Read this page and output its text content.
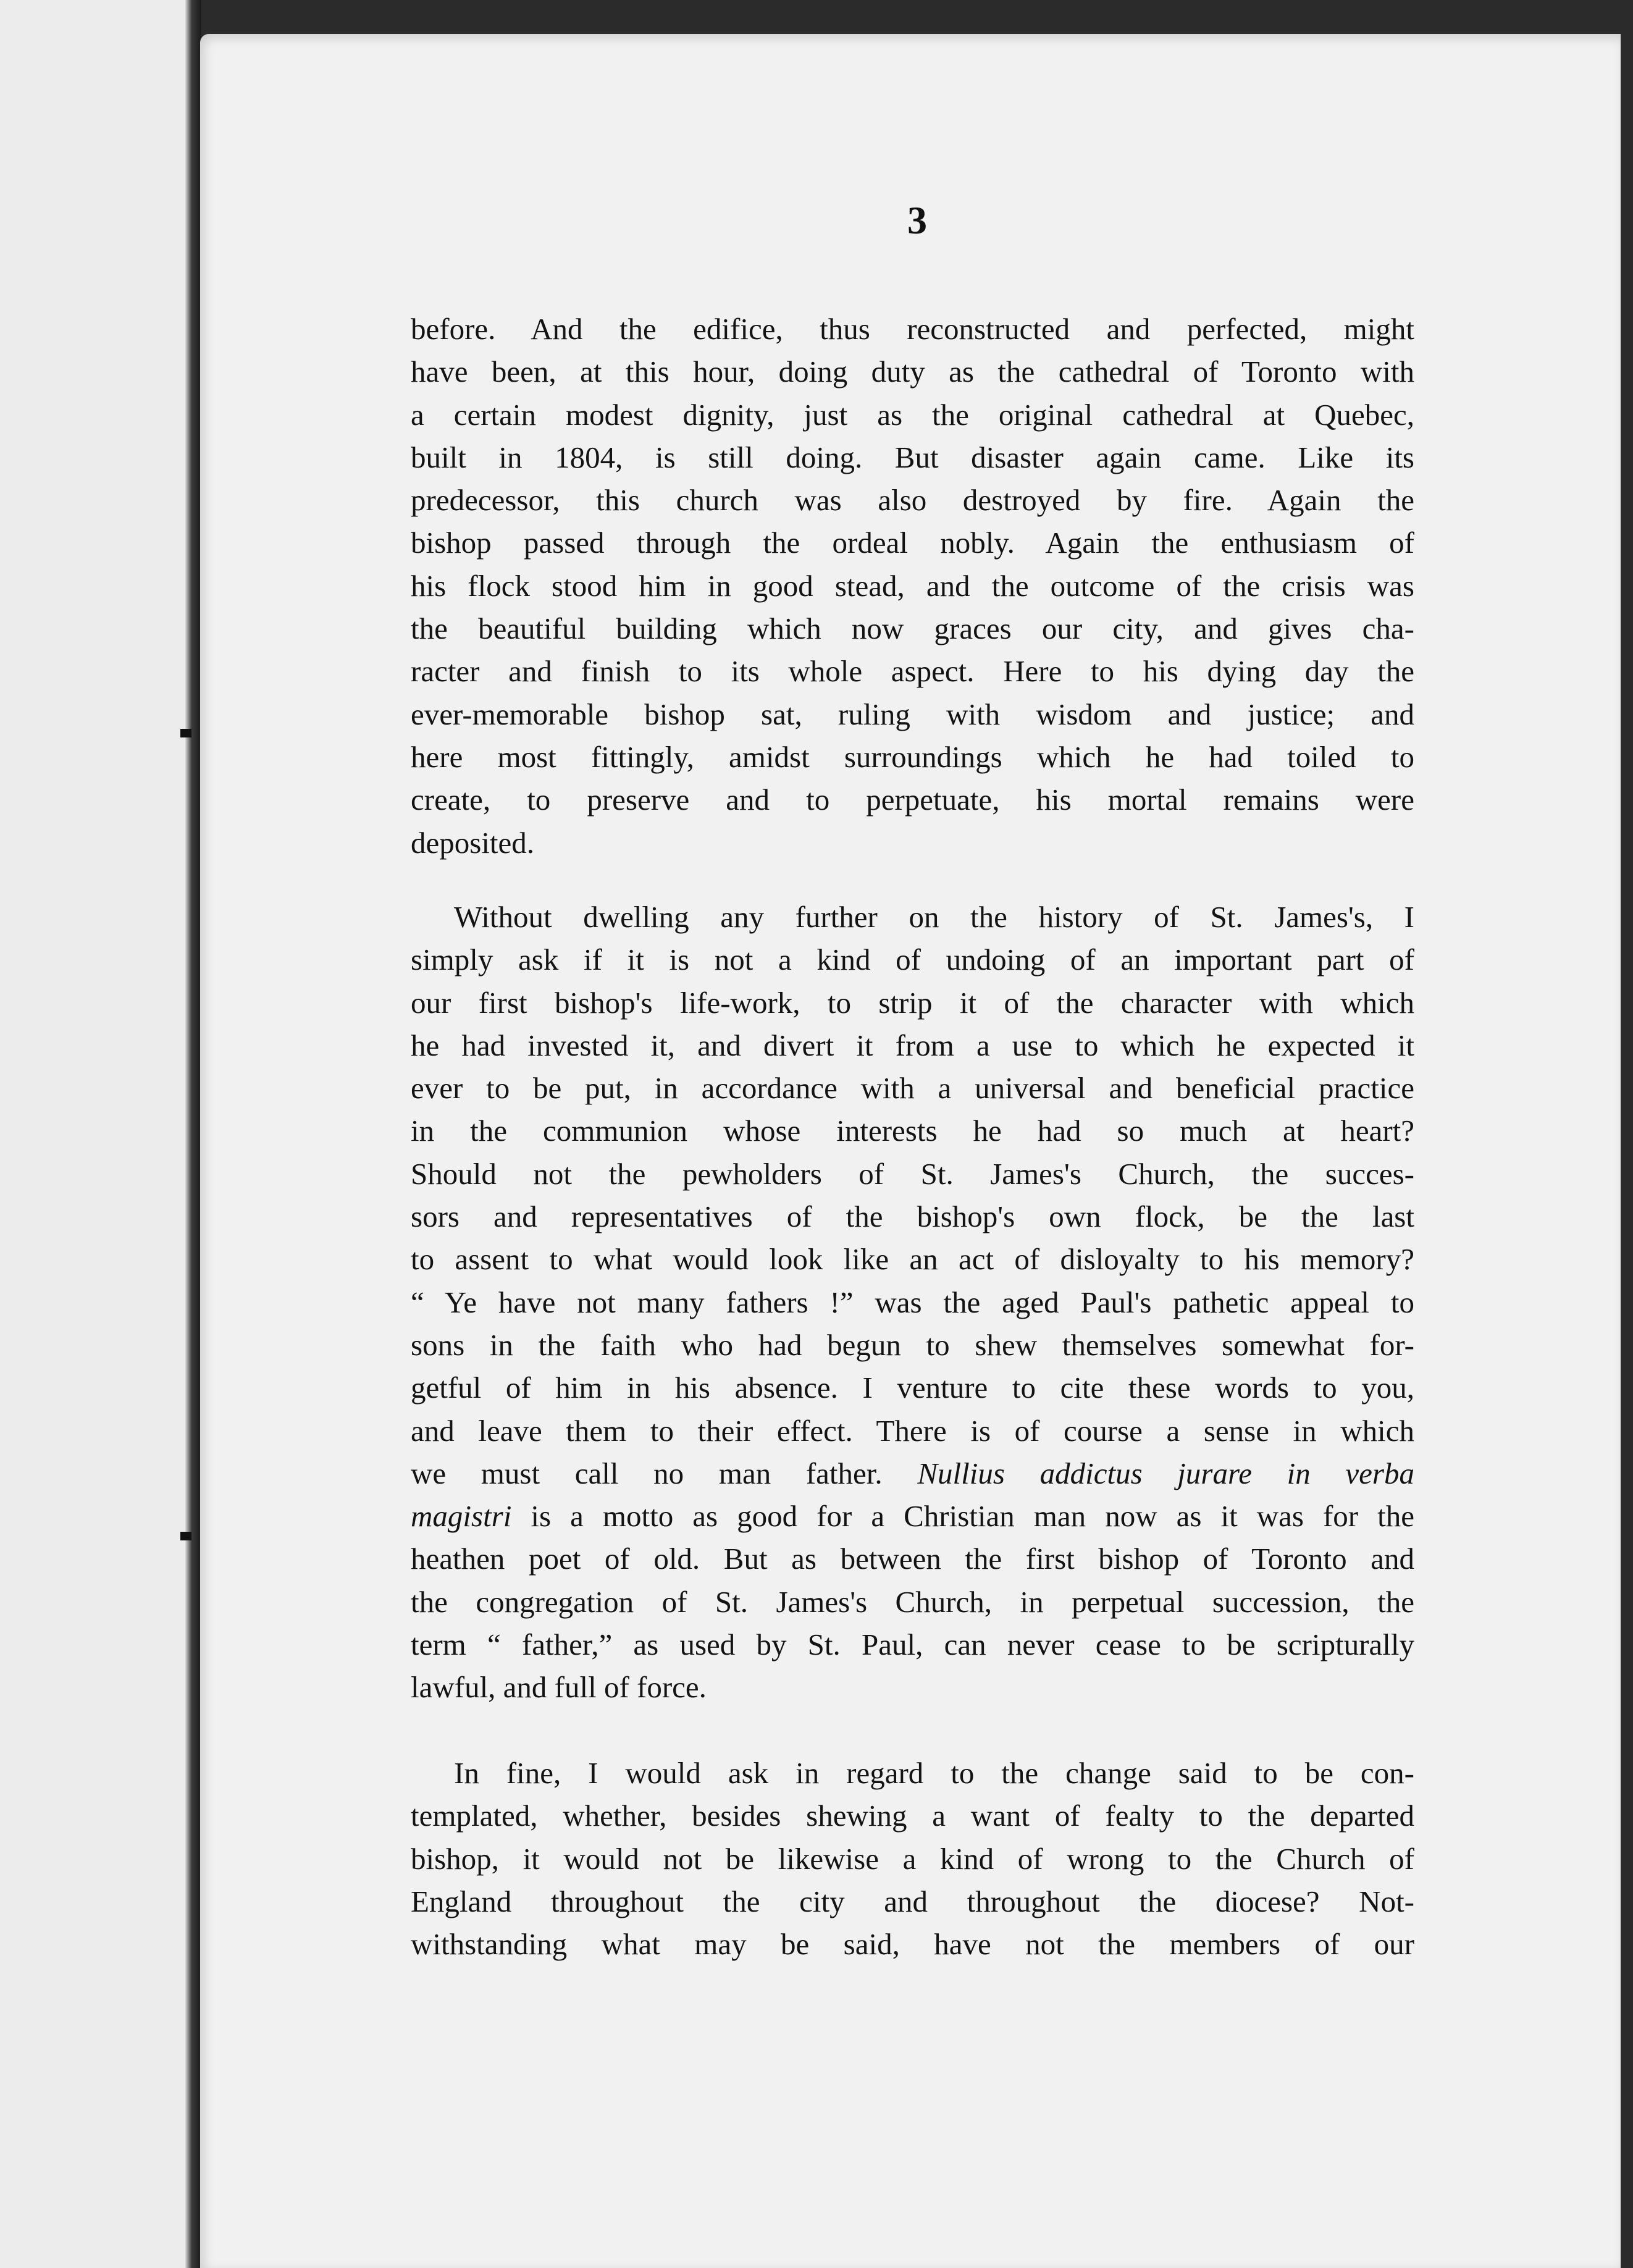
3
before. And the edifice, thus reconstructed and perfected, might
have been, at this hour, doing duty as the cathedral of Toronto with
a certain modest dignity, just as the original cathedral at Quebec,
built in 1804, is still doing. But disaster again came. Like its
predecessor, this church was also destroyed by fire. Again the
bishop passed through the ordeal nobly. Again the enthusiasm of
his flock stood him in good stead, and the outcome of the crisis was
the beautiful building which now graces our city, and gives cha-
racter and finish to its whole aspect. Here to his dying day the
ever-memorable bishop sat, ruling with wisdom and justice; and
here most fittingly, amidst surroundings which he had toiled to
create, to preserve and to perpetuate, his mortal remains were
deposited.
Without dwelling any further on the history of St. James's, I
simply ask if it is not a kind of undoing of an important part of
our first bishop's life-work, to strip it of the character with which
he had invested it, and divert it from a use to which he expected it
ever to be put, in accordance with a universal and beneficial practice
in the communion whose interests he had so much at heart?
Should not the pewholders of St. James's Church, the succes-
sors and representatives of the bishop's own flock, be the last
to assent to what would look like an act of disloyalty to his memory?
“ Ye have not many fathers !” was the aged Paul's pathetic appeal to
sons in the faith who had begun to shew themselves somewhat for-
getful of him in his absence. I venture to cite these words to you,
and leave them to their effect. There is of course a sense in which
we must call no man father. Nullius addictus jurare in verba
magistri is a motto as good for a Christian man now as it was for the
heathen poet of old. But as between the first bishop of Toronto and
the congregation of St. James's Church, in perpetual succession, the
term “ father,” as used by St. Paul, can never cease to be scripturally
lawful, and full of force.
In fine, I would ask in regard to the change said to be con-
templated, whether, besides shewing a want of fealty to the departed
bishop, it would not be likewise a kind of wrong to the Church of
England throughout the city and throughout the diocese? Not-
withstanding what may be said, have not the members of our
